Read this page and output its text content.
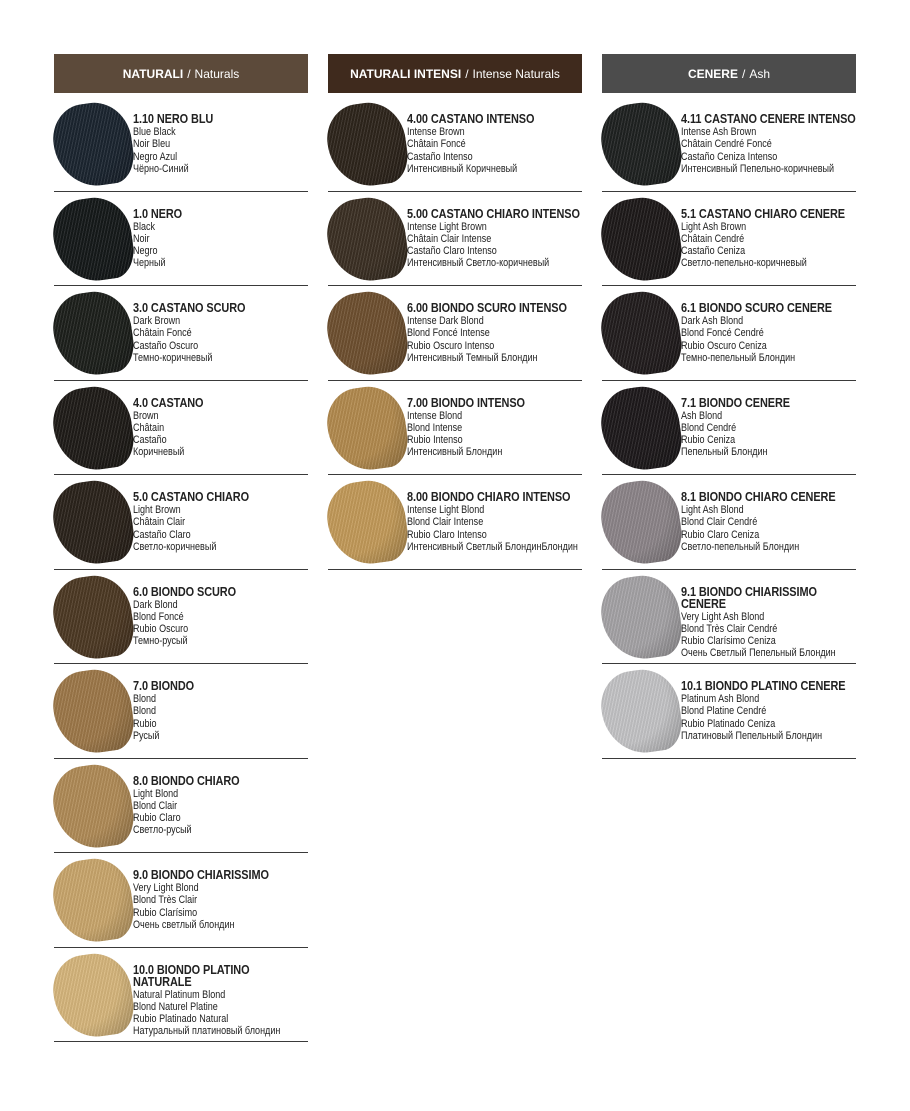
NATURALI / Naturals
1.10 NERO BLU
Blue Black
Noir Bleu
Negro Azul
Чёрно-Синий
1.0 NERO
Black
Noir
Negro
Черный
3.0 CASTANO SCURO
Dark Brown
Châtain Foncé
Castaño Oscuro
Темно-коричневый
4.0 CASTANO
Brown
Châtain
Castaño
Коричневый
5.0 CASTANO CHIARO
Light Brown
Châtain Clair
Castaño Claro
Светло-коричневый
6.0 BIONDO SCURO
Dark Blond
Blond Foncé
Rubio Oscuro
Темно-русый
7.0 BIONDO
Blond
Blond
Rubio
Русый
8.0 BIONDO CHIARO
Light Blond
Blond Clair
Rubio Claro
Светло-русый
9.0 BIONDO CHIARISSIMO
Very Light Blond
Blond Très Clair
Rubio Clarísimo
Очень светлый блондин
10.0 BIONDO PLATINO NATURALE
Natural Platinum Blond
Blond Naturel Platine
Rubio Platinado Natural
Натуральный платиновый блондин
NATURALI INTENSI / Intense Naturals
4.00 CASTANO INTENSO
Intense Brown
Châtain Foncé
Castaño Intenso
Интенсивный Коричневый
5.00 CASTANO CHIARO INTENSO
Intense Light Brown
Châtain Clair Intense
Castaño Claro Intenso
Интенсивный Светло-коричневый
6.00 BIONDO SCURO INTENSO
Intense Dark Blond
Blond Foncé Intense
Rubio Oscuro Intenso
Интенсивный Темный Блондин
7.00 BIONDO INTENSO
Intense Blond
Blond Intense
Rubio Intenso
Интенсивный Блондин
8.00 BIONDO CHIARO INTENSO
Intense Light Blond
Blond Clair Intense
Rubio Claro Intenso
Интенсивный Светлый БлондинБлондин
CENERE / Ash
4.11 CASTANO CENERE INTENSO
Intense Ash Brown
Châtain Cendré Foncé
Castaño Ceniza Intenso
Интенсивный Пепельно-коричневый
5.1 CASTANO CHIARO CENERE
Light Ash Brown
Châtain Cendré
Castaño Ceniza
Светло-пепельно-коричневый
6.1 BIONDO SCURO CENERE
Dark Ash Blond
Blond Foncé Cendré
Rubio Oscuro Ceniza
Темно-пепельный Блондин
7.1 BIONDO CENERE
Ash Blond
Blond Cendré
Rubio Ceniza
Пепельный Блондин
8.1 BIONDO CHIARO CENERE
Light Ash Blond
Blond Clair Cendré
Rubio Claro Ceniza
Светло-пепельный Блондин
9.1 BIONDO CHIARISSIMO CENERE
Very Light Ash Blond
Blond Très Clair Cendré
Rubio Clarísimo Ceniza
Очень Светлый Пепельный Блондин
10.1 BIONDO PLATINO CENERE
Platinum Ash Blond
Blond Platine Cendré
Rubio Platinado Ceniza
Платиновый Пепельный Блондин
